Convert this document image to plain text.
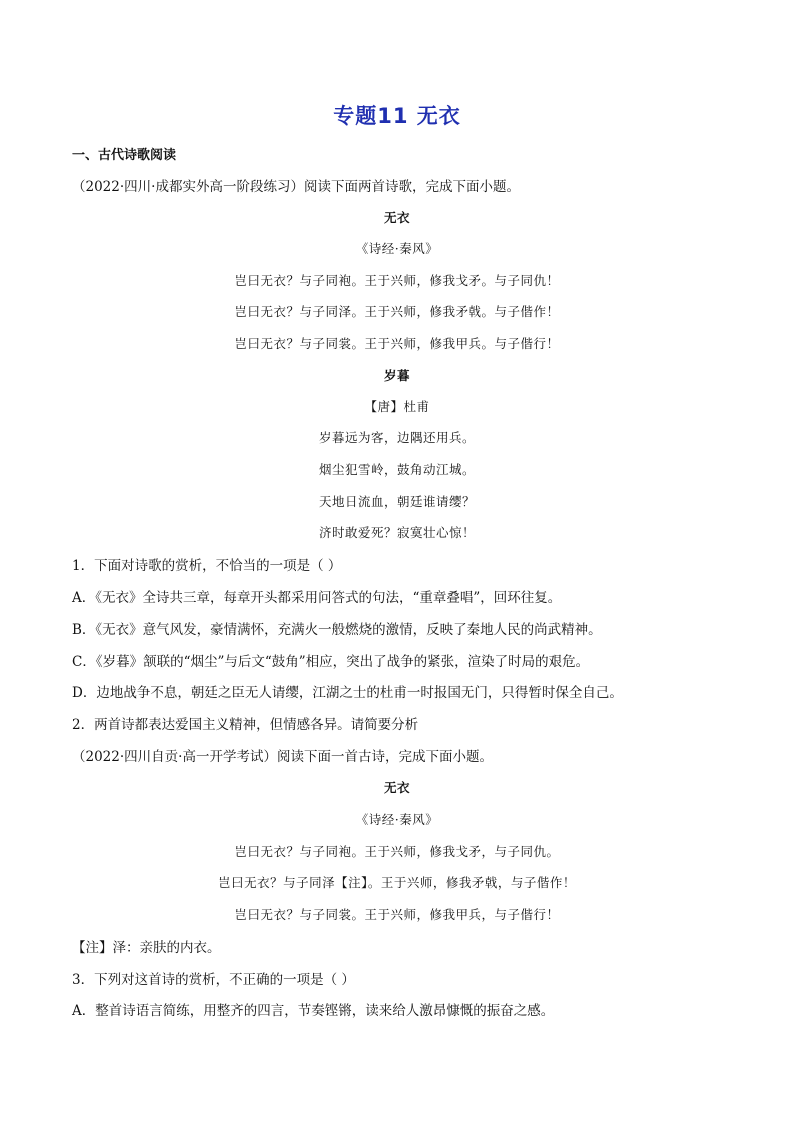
专题11 无衣
一、古代诗歌阅读
（2022·四川·成都实外高一阶段练习）阅读下面两首诗歌，完成下面小题。
无衣
《诗经·秦风》
岂曰无衣？与子同袍。王于兴师，修我戈矛。与子同仇！
岂曰无衣？与子同泽。王于兴师，修我矛戟。与子偕作！
岂曰无衣？与子同裳。王于兴师，修我甲兵。与子偕行！
岁暮
【唐】杜甫
岁暮远为客，边隅还用兵。
烟尘犯雪岭，鼓角动江城。
天地日流血，朝廷谁请缨？
济时敢爱死？寂寞壮心惊！
1．下面对诗歌的赏析，不恰当的一项是（ ）
A．《无衣》全诗共三章，每章开头都采用问答式的句法，“重章叠唱”，回环往复。
B．《无衣》意气风发，豪情满怀，充满火一般燃烧的激情，反映了秦地人民的尚武精神。
C．《岁暮》颔联的“烟尘”与后文“鼓角”相应，突出了战争的紧张，渲染了时局的艰危。
D．边地战争不息，朝廷之臣无人请缨，江湖之士的杜甫一时报国无门，只得暂时保全自己。
2．两首诗都表达爱国主义精神，但情感各异。请简要分析
（2022·四川自贡·高一开学考试）阅读下面一首古诗，完成下面小题。
无衣
《诗经·秦风》
岂曰无衣？与子同袍。王于兴师，修我戈矛，与子同仇。
岂曰无衣？与子同泽【注】。王于兴师，修我矛戟，与子偕作！
岂曰无衣？与子同裳。王于兴师，修我甲兵，与子偕行！
【注】泽：亲肤的内衣。
3．下列对这首诗的赏析，不正确的一项是（ ）
A．整首诗语言简练，用整齐的四言，节奏铿锵，读来给人激昂慷慨的振奋之感。
